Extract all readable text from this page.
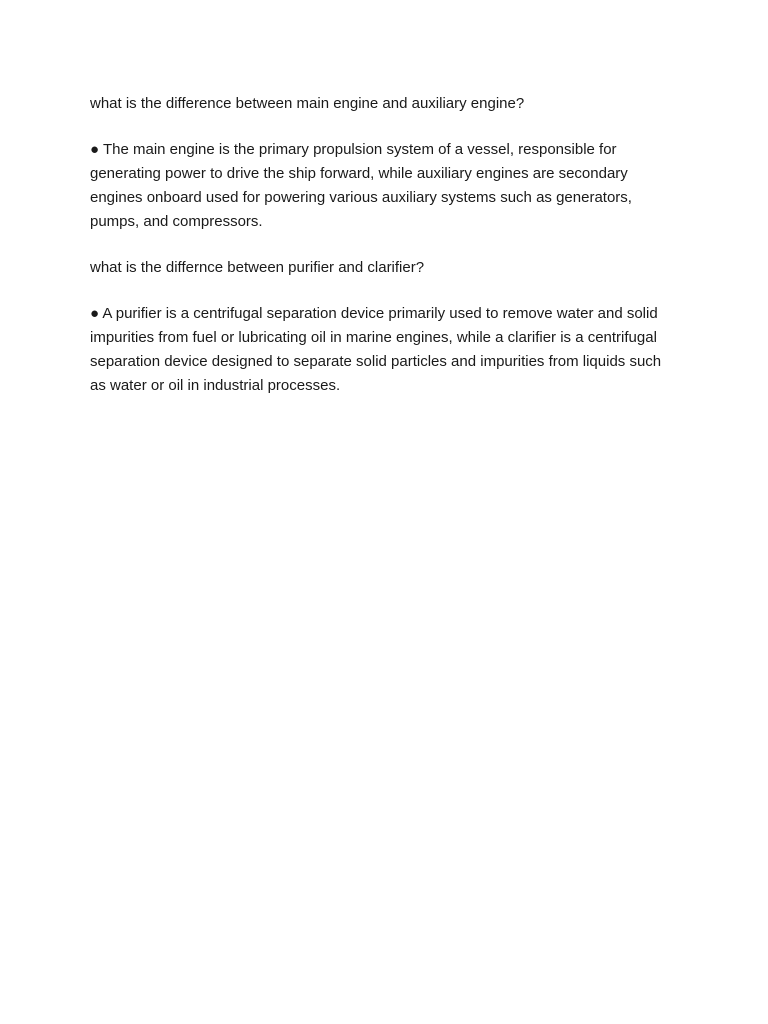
what is the difference between main engine and auxiliary engine?

● The main engine is the primary propulsion system of a vessel, responsible for generating power to drive the ship forward, while auxiliary engines are secondary engines onboard used for powering various auxiliary systems such as generators, pumps, and compressors.

what is the differnce between purifier and clarifier?

● A purifier is a centrifugal separation device primarily used to remove water and solid impurities from fuel or lubricating oil in marine engines, while a clarifier is a centrifugal separation device designed to separate solid particles and impurities from liquids such as water or oil in industrial processes.
